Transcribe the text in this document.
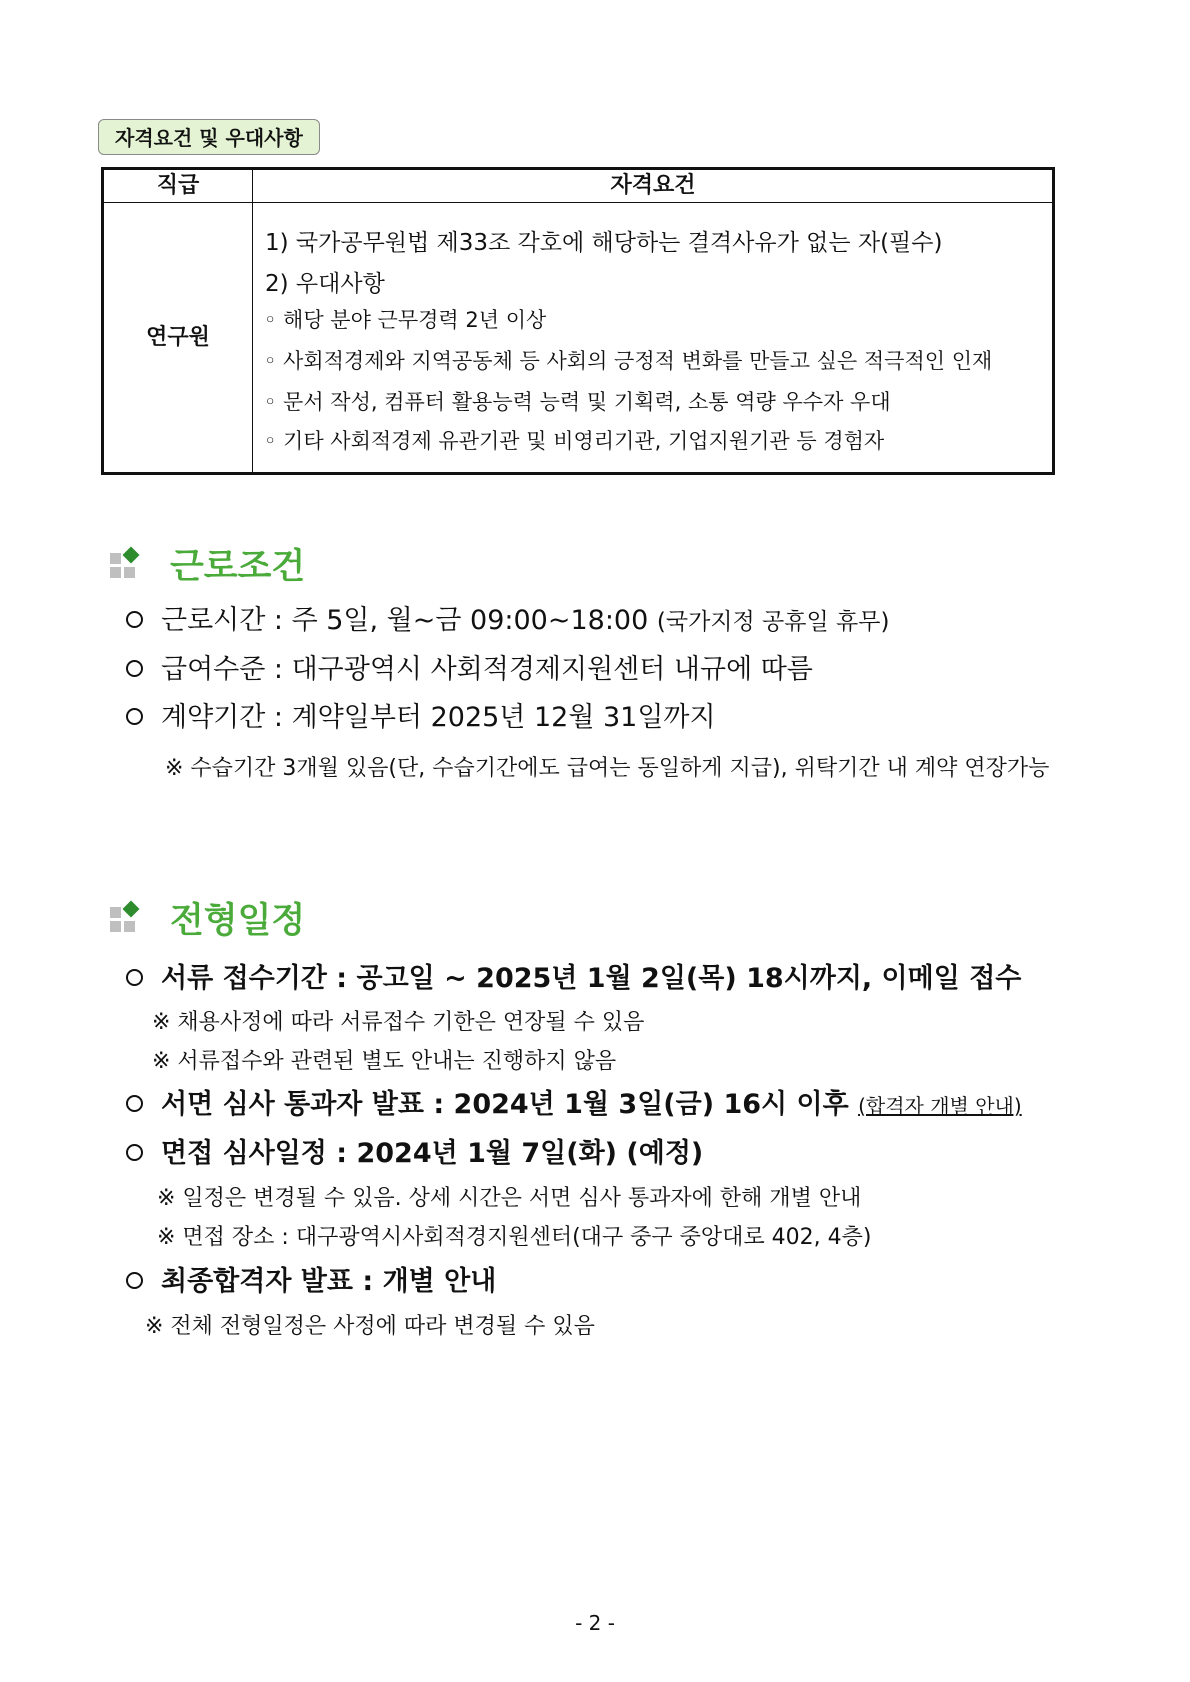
자격요건 및 우대사항
직급	자격요건
연구원
1) 국가공무원법 제33조 각호에 해당하는 결격사유가 없는 자(필수)
2) 우대사항
◦ 해당 분야 근무경력 2년 이상
◦ 사회적경제와 지역공동체 등 사회의 긍정적 변화를 만들고 싶은 적극적인 인재
◦ 문서 작성, 컴퓨터 활용능력 능력 및 기획력, 소통 역량 우수자 우대
◦ 기타 사회적경제 유관기관 및 비영리기관, 기업지원기관 등 경험자
근로조건
근로시간 : 주 5일, 월~금 09:00~18:00 (국가지정 공휴일 휴무)
급여수준 : 대구광역시 사회적경제지원센터 내규에 따름
계약기간 : 계약일부터 2025년 12월 31일까지
※ 수습기간 3개월 있음(단, 수습기간에도 급여는 동일하게 지급), 위탁기간 내 계약 연장가능
전형일정
서류 접수기간 : 공고일 ~ 2025년 1월 2일(목) 18시까지, 이메일 접수
※ 채용사정에 따라 서류접수 기한은 연장될 수 있음
※ 서류접수와 관련된 별도 안내는 진행하지 않음
서면 심사 통과자 발표 : 2024년 1월 3일(금) 16시 이후 (합격자 개별 안내)
면접 심사일정 : 2024년 1월 7일(화) (예정)
※ 일정은 변경될 수 있음. 상세 시간은 서면 심사 통과자에 한해 개별 안내
※ 면접 장소 : 대구광역시사회적경지원센터(대구 중구 중앙대로 402, 4층)
최종합격자 발표 : 개별 안내
※ 전체 전형일정은 사정에 따라 변경될 수 있음
- 2 -
